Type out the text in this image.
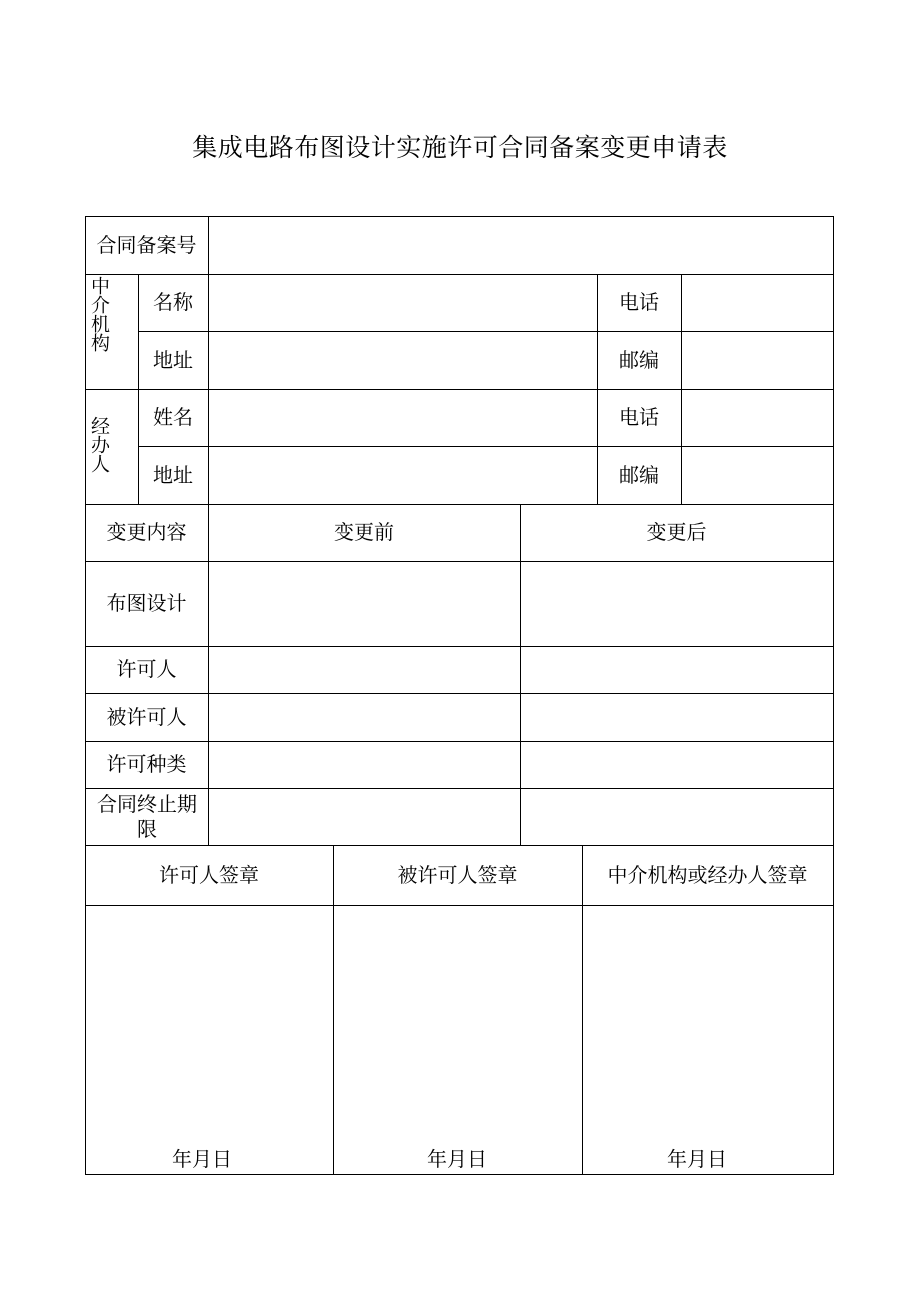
集成电路布图设计实施许可合同备案变更申请表
合同备案号
中介机构	名称	电话
地址	邮编
经办人	姓名	电话
地址	邮编
变更内容	变更前	变更后
布图设计
许可人
被许可人
许可种类
合同终止期限
许可人签章	被许可人签章	中介机构或经办人签章
年月日	年月日	年月日
